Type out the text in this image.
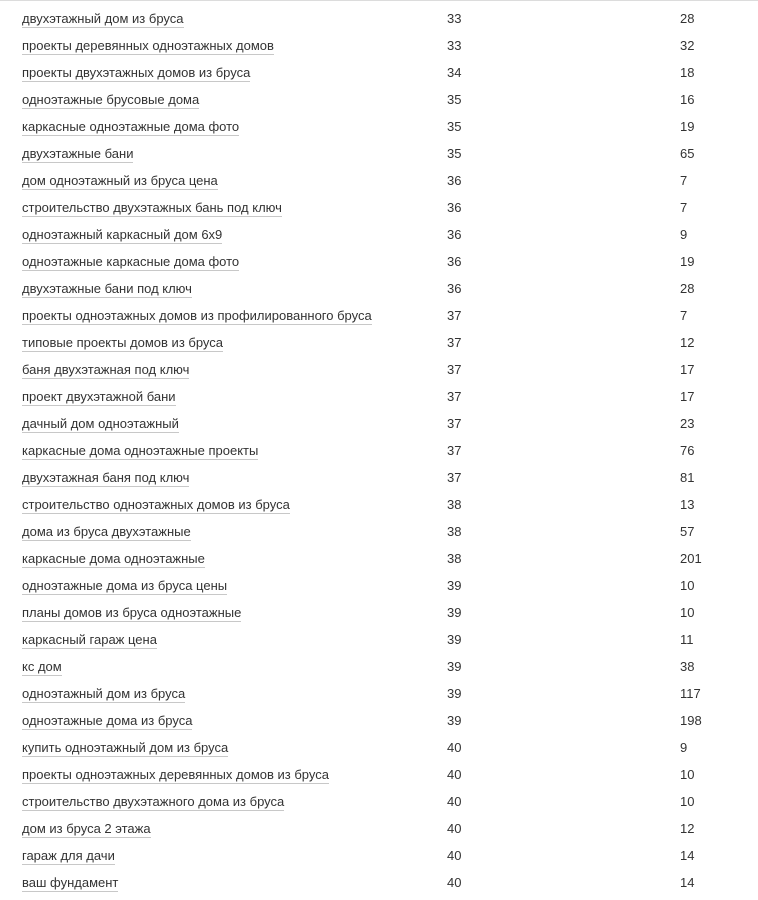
двухэтажный дом из бруса	33	28
проекты деревянных одноэтажных домов	33	32
проекты двухэтажных домов из бруса	34	18
одноэтажные брусовые дома	35	16
каркасные одноэтажные дома фото	35	19
двухэтажные бани	35	65
дом одноэтажный из бруса цена	36	7
строительство двухэтажных бань под ключ	36	7
одноэтажный каркасный дом 6х9	36	9
одноэтажные каркасные дома фото	36	19
двухэтажные бани под ключ	36	28
проекты одноэтажных домов из профилированного бруса	37	7
типовые проекты домов из бруса	37	12
баня двухэтажная под ключ	37	17
проект двухэтажной бани	37	17
дачный дом одноэтажный	37	23
каркасные дома одноэтажные проекты	37	76
двухэтажная баня под ключ	37	81
строительство одноэтажных домов из бруса	38	13
дома из бруса двухэтажные	38	57
каркасные дома одноэтажные	38	201
одноэтажные дома из бруса цены	39	10
планы домов из бруса одноэтажные	39	10
каркасный гараж цена	39	11
кс дом	39	38
одноэтажный дом из бруса	39	117
одноэтажные дома из бруса	39	198
купить одноэтажный дом из бруса	40	9
проекты одноэтажных деревянных домов из бруса	40	10
строительство двухэтажного дома из бруса	40	10
дом из бруса 2 этажа	40	12
гараж для дачи	40	14
ваш фундамент	40	14
